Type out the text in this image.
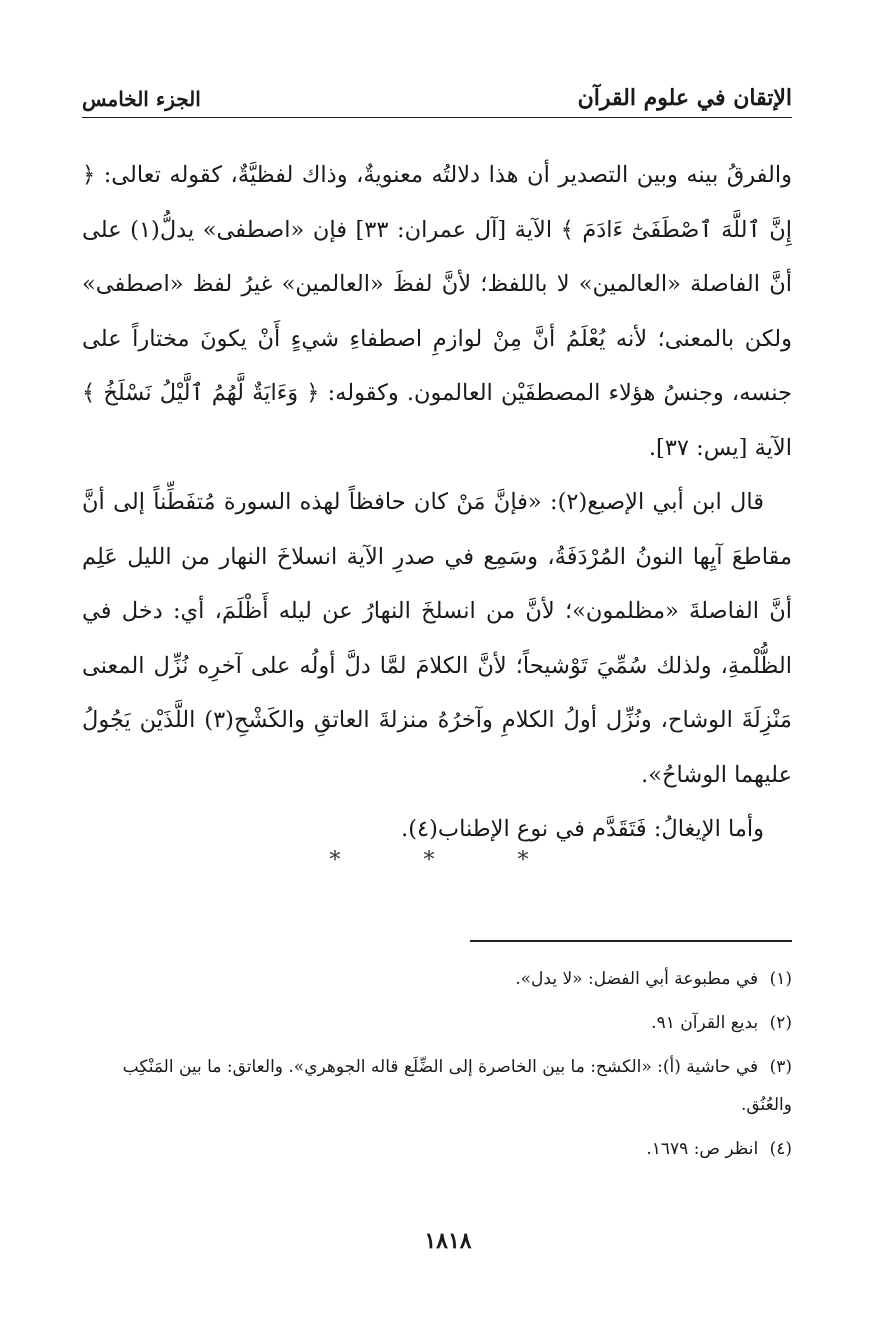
الإتقان في علوم القرآن
الجزء الخامس

والفرقُ بينه وبين التصدير أن هذا دلالتُه معنويةٌ، وذاك لفظيَّةٌ، كقوله تعالى: ﴿ إِنَّ ٱللَّهَ ٱصْطَفَىٰٓ ءَادَمَ ﴾ الآية [آل عمران: ٣٣] فإن «اصطفى» يدلُّ(١) على أنَّ الفاصلة «العالمين» لا باللفظ؛ لأنَّ لفظَ «العالمين» غيرُ لفظ «اصطفى» ولكن بالمعنى؛ لأنه يُعْلَمُ أنَّ مِنْ لوازمِ اصطفاءِ شيءٍ أَنْ يكونَ مختاراً على جنسه، وجنسُ هؤلاء المصطفَيْن العالمون. وكقوله: ﴿ وَءَايَةٌ لَّهُمُ ٱلَّيْلُ نَسْلَخُ ﴾ الآية [يس: ٣٧].

قال ابن أبي الإصبع(٢): «فإنَّ مَنْ كان حافظاً لهذه السورة مُتفَطِّناً إلى أنَّ مقاطعَ آيِها النونُ المُرْدَفَةُ، وسَمِع في صدرِ الآية انسلاخَ النهار من الليل عَلِم أنَّ الفاصلةَ «مظلمون»؛ لأنَّ من انسلخَ النهارُ عن ليله أَظْلَمَ، أي: دخل في الظُّلْمةِ، ولذلك سُمِّيَ تَوْشيحاً؛ لأنَّ الكلامَ لمَّا دلَّ أولُه على آخرِه نُزِّل المعنى مَنْزِلَةَ الوشاح، ونُزِّل أولُ الكلامِ وآخرُهُ منزلةَ العاتقِ والكَشْحِ(٣) اللَّذَيْن يَجُولُ عليهما الوشاحُ».

وأما الإيغالُ: فَتَقَدَّم في نوع الإطناب(٤).

* * *

(١) في مطبوعة أبي الفضل: «لا يدل».

(٢) بديع القرآن ٩١.

(٣) في حاشية (أ): «الكشح: ما بين الخاصرة إلى الضِّلَع قاله الجوهري». والعاتق: ما بين المَنْكِب والعُنُق.

(٤) انظر ص: ١٦٧٩.

١٨١٨
